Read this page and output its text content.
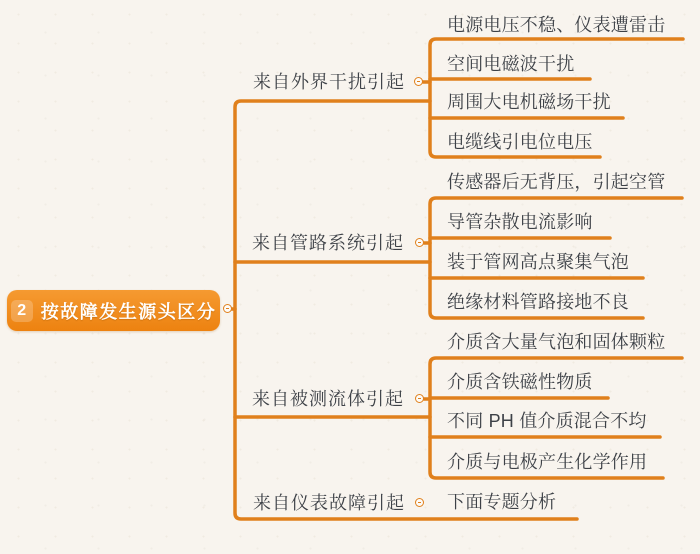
2 按故障发生源头区分
来自外界干扰引起
来自管路系统引起
来自被测流体引起
来自仪表故障引起
电源电压不稳、仪表遭雷击
空间电磁波干扰
周围大电机磁场干扰
电缆线引电位电压
传感器后无背压，引起空管
导管杂散电流影响
装于管网高点聚集气泡
绝缘材料管路接地不良
介质含大量气泡和固体颗粒
介质含铁磁性物质
不同 PH 值介质混合不均
介质与电极产生化学作用
下面专题分析
